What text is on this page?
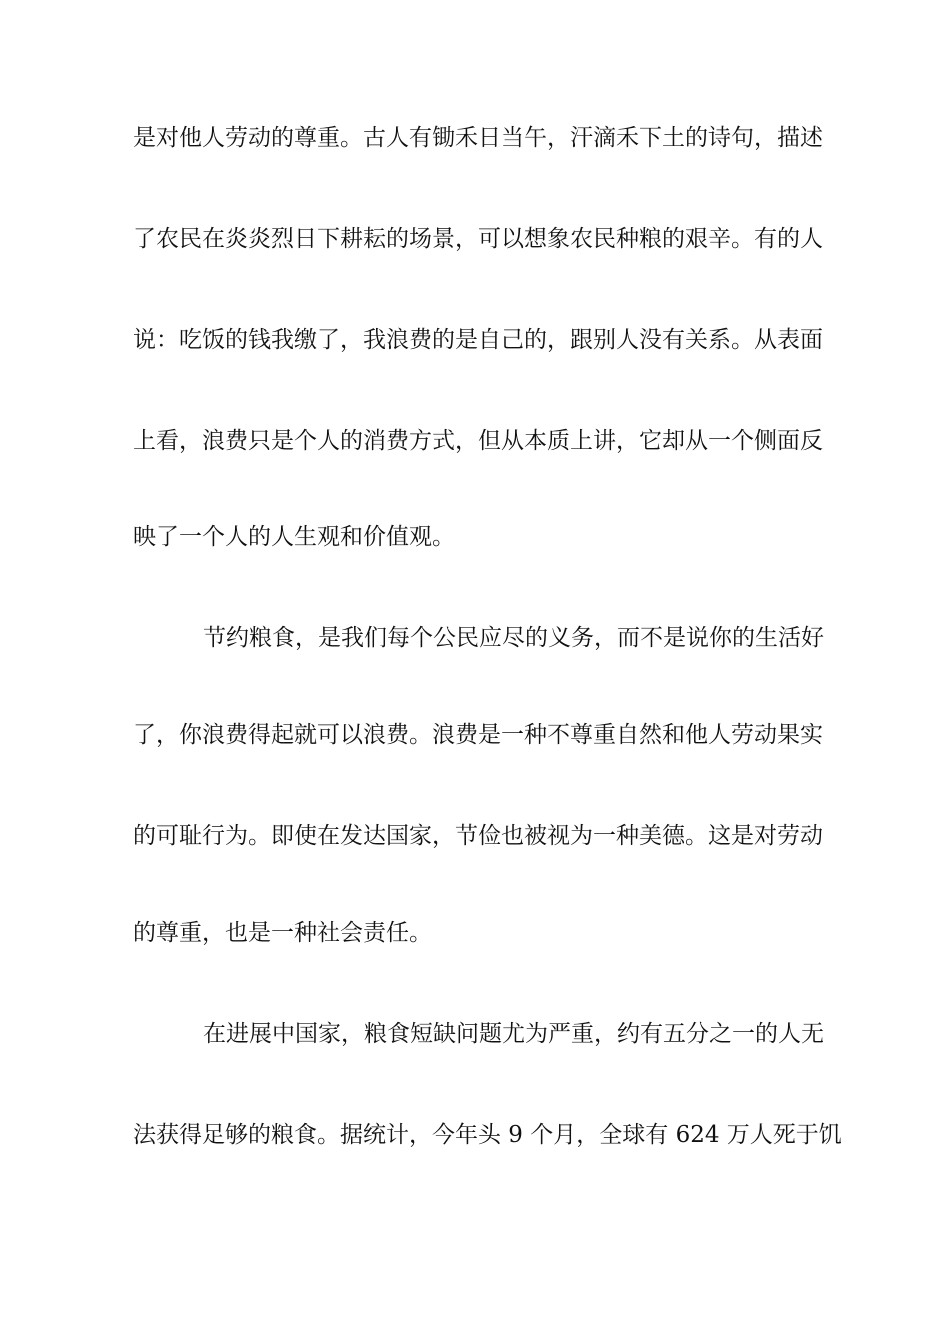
是对他人劳动的尊重。古人有锄禾日当午，汗滴禾下土的诗句，描述
了农民在炎炎烈日下耕耘的场景，可以想象农民种粮的艰辛。有的人
说：吃饭的钱我缴了，我浪费的是自己的，跟别人没有关系。从表面
上看，浪费只是个人的消费方式，但从本质上讲，它却从一个侧面反
映了一个人的人生观和价值观。
节约粮食，是我们每个公民应尽的义务，而不是说你的生活好
了，你浪费得起就可以浪费。浪费是一种不尊重自然和他人劳动果实
的可耻行为。即使在发达国家，节俭也被视为一种美德。这是对劳动
的尊重，也是一种社会责任。
在进展中国家，粮食短缺问题尤为严重，约有五分之一的人无
法获得足够的粮食。据统计，今年头 9 个月，全球有 624 万人死于饥
